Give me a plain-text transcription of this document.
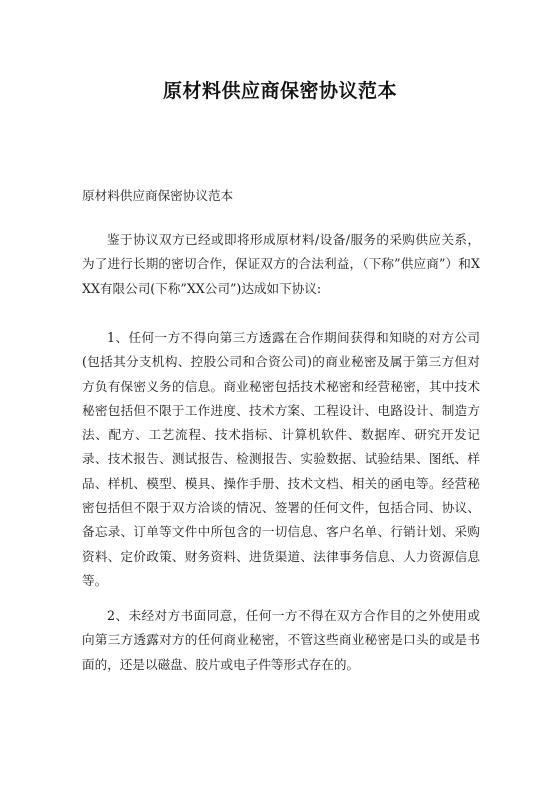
原材料供应商保密协议范本
原材料供应商保密协议范本
鉴于协议双方已经或即将形成原材料/设备/服务的采购供应关系，为了进行长期的密切合作，保证双方的合法利益，（下称”供应商”）和XXX有限公司(下称”XX公司”)达成如下协议:
1、任何一方不得向第三方透露在合作期间获得和知晓的对方公司(包括其分支机构、控股公司和合资公司)的商业秘密及属于第三方但对方负有保密义务的信息。商业秘密包括技术秘密和经营秘密，其中技术秘密包括但不限于工作进度、技术方案、工程设计、电路设计、制造方法、配方、工艺流程、技术指标、计算机软件、数据库、研究开发记录、技术报告、测试报告、检测报告、实验数据、试验结果、图纸、样品、样机、模型、模具、操作手册、技术文档、相关的函电等。经营秘密包括但不限于双方洽谈的情况、签署的任何文件，包括合同、协议、备忘录、订单等文件中所包含的一切信息、客户名单、行销计划、采购资料、定价政策、财务资料、进货渠道、法律事务信息、人力资源信息等。
2、未经对方书面同意，任何一方不得在双方合作目的之外使用或向第三方透露对方的任何商业秘密，不管这些商业秘密是口头的或是书面的，还是以磁盘、胶片或电子件等形式存在的。
